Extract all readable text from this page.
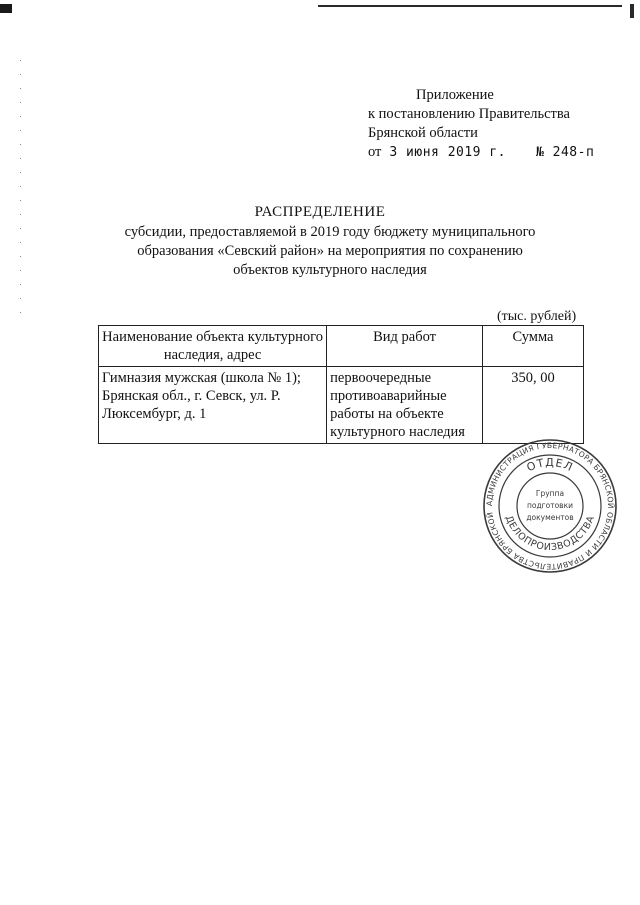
Приложение
к постановлению Правительства
Брянской области
от 3 июня 2019 г. № 248-п
РАСПРЕДЕЛЕНИЕ
субсидии, предоставляемой в 2019 году бюджету муниципального образования «Севский район» на мероприятия по сохранению объектов культурного наследия
(тыс. рублей)
Наименование объекта культурного наследия, адрес	Вид работ	Сумма
Гимназия мужская (школа № 1); Брянская обл., г. Севск, ул. Р. Люксембург, д. 1	первоочередные противоаварийные работы на объекте культурного наследия	350, 00
АДМИНИСТРАЦИЯ ГУБЕРНАТОРА БРЯНСКОЙ ОБЛАСТИ И ПРАВИТЕЛЬСТВА БРЯНСКОЙ
ОТДЕЛ
ДЕЛОПРОИЗВОДСТВА
Группа
подготовки
документов
